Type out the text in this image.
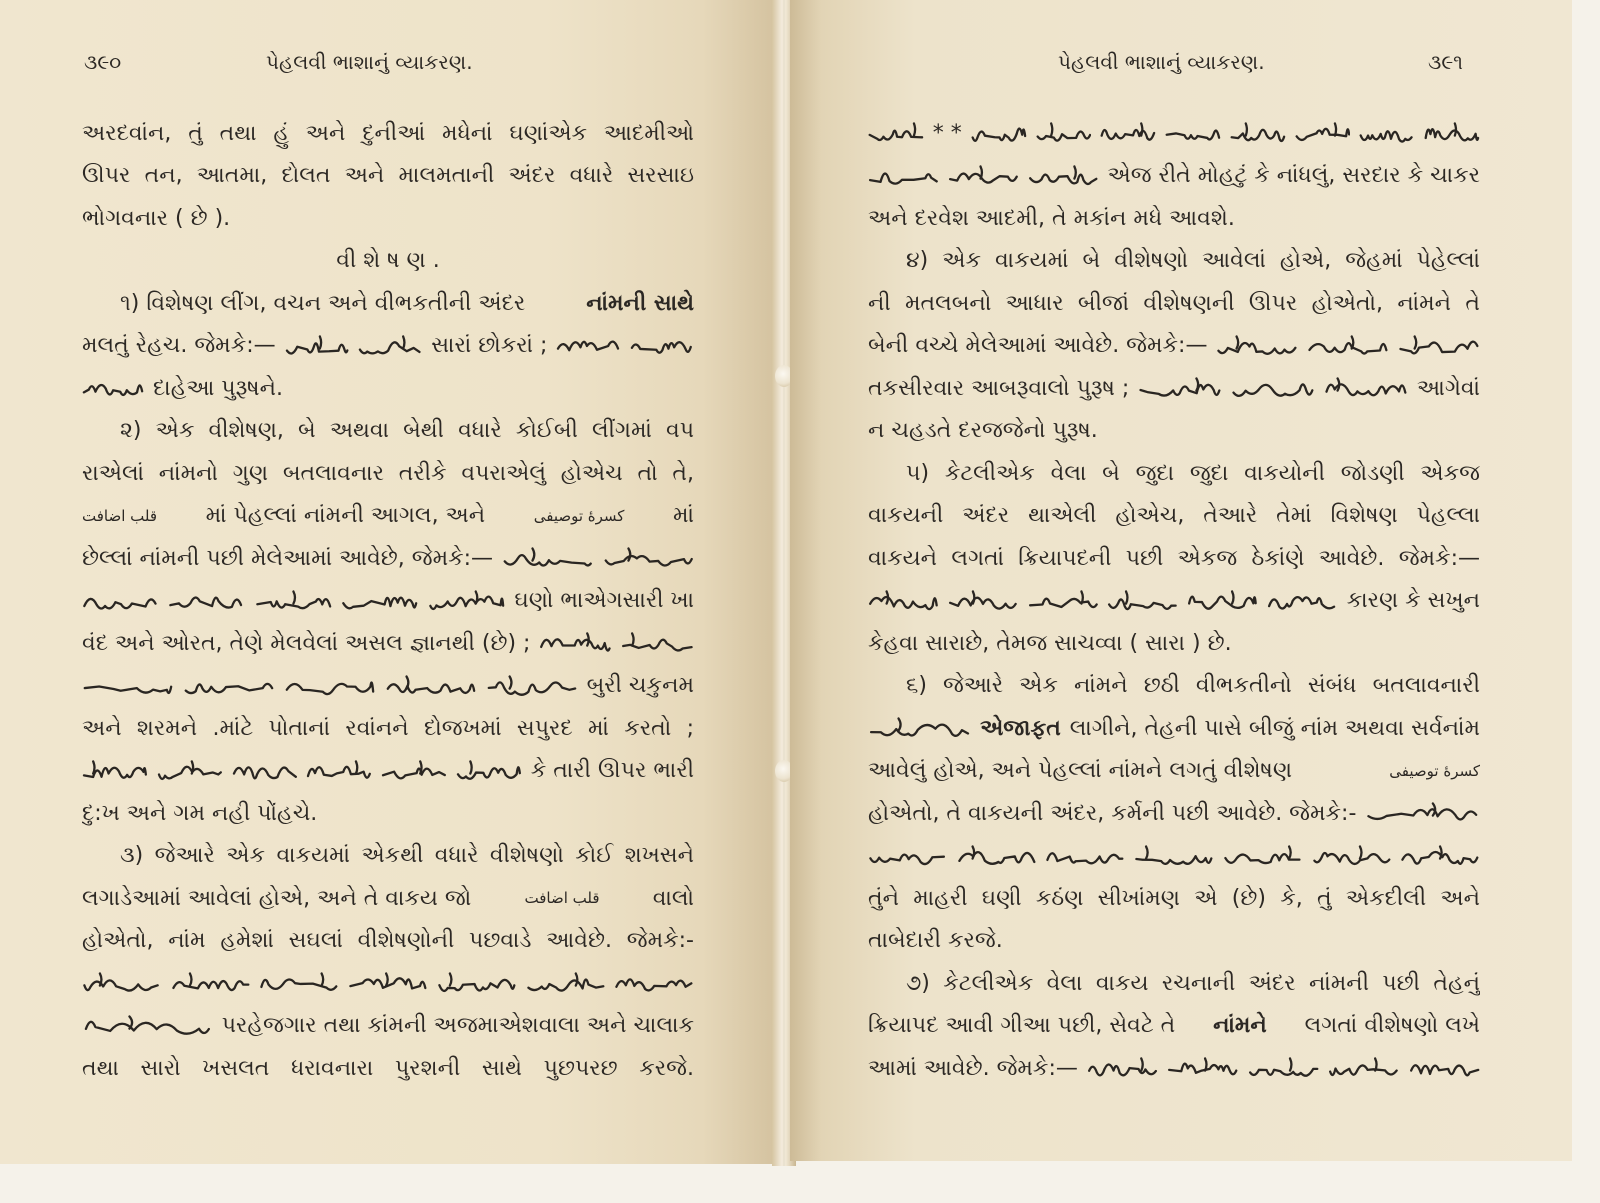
૩૯૦	પેહલવી ભાશાનું વ્યાકરણ.
અરદવાંન, તું તથા હું અને દુનીઆં મધેનાં ઘણાંએક આદમીઓ
ઊપર તન, આતમા, દોલત અને માલમતાની અંદર વધારે સરસાઇ
ભોગવનાર ( છે ).
વી શે ષ ણ .
૧) વિશેષણ લીંગ, વચન અને વીભકતીની અંદર	નાંમની સાથે
મલતું રેહચ. જેમકે:—	સારાં છોકરાં ;
દાહેઆ પુરૂષને.
૨) એક વીશેષણ, બે અથવા બેથી વધારે કોઈબી લીંગમાં વપ
રાએલાં નાંમનો ગુણ બતલાવનાર તરીકે વપરાએલું હોએચ તો તે,
قلب اضافت માં પેહલ્લાં નાંમની આગલ, અને	کسرهٔ توصیفی માં
છેલ્લાં નાંમની પછી મેલેઆમાં આવેછે, જેમકે:—
ઘણો ભાએગસારી ખા
વંદ અને ઓરત, તેણે મેલવેલાં અસલ જ્ઞાનથી (છે) ;
બુરી ચકુનમ
અને શરમને .માંટે પોતાનાં રવાંનને દોજખમાં સપુરદ માં કરતો ;
કે તારી ઊપર ભારી
દુ:ખ અને ગમ નહી પોંહચે.
૩) જેઆરે એક વાકયમાં એકથી વધારે વીશેષણો કોઈ શખસને
લગાડેઆમાં આવેલાં હોએ, અને તે વાકય જો	قلب اضافت વાલો
હોએતો, નાંમ હમેશાં સઘલાં વીશેષણોની પછવાડે આવેછે. જેમકે:-
પરહેજગાર તથા કાંમની અજમાએશવાલા અને ચાલાક
તથા સારો ખસલત ધરાવનારા પુરશની સાથે પુછપરછ કરજે.
પેહલવી ભાશાનું વ્યાકરણ.	૩૯૧
* *
એજ રીતે મોહટું કે નાંધલું, સરદાર કે ચાકર
અને દરવેશ આદમી, તે મકાંન મધે આવશે.
૪) એક વાકયમાં બે વીશેષણો આવેલાં હોએ, જેહમાં પેહેલ્લાં
ની મતલબનો આધાર બીજાં વીશેષણની ઊપર હોએતો, નાંમને તે
બેની વચ્ચે મેલેઆમાં આવેછે. જેમકે:—
તકસીરવાર આબરૂવાલો પુરૂષ ;	આગેવાં
ન ચહડતે દરજજેનો પુરૂષ.
૫) કેટલીએક વેલા બે જુદા જુદા વાકયોની જોડણી એકજ
વાકયની અંદર થાએલી હોએચ, તેઆરે તેમાં વિશેષણ પેહલ્લા
વાકયને લગતાં ક્રિયાપદની પછી એકજ ઠેકાંણે આવેછે. જેમકે:—
કારણ કે સખુન
કેહવા સારાછે, તેમજ સાચવ્વા ( સારા ) છે.
૬) જેઆરે એક નાંમને છઠી વીભકતીનો સંબંધ બતલાવનારી
એજાફત લાગીને, તેહની પાસે બીજું નાંમ અથવા સર્વનાંમ
આવેલું હોએ, અને પેહલ્લાં નાંમને લગતું વીશેષણ	کسرهٔ توصیفی
હોએતો, તે વાકયની અંદર, કર્મની પછી આવેછે. જેમકે:-
તુંને માહરી ઘણી કઠંણ સીખાંમણ એ (છે) કે, તું એકદીલી અને
તાબેદારી કરજે.
૭) કેટલીએક વેલા વાકય રચનાની અંદર નાંમની પછી તેહનું
ક્રિયાપદ આવી ગીઆ પછી, સેવટે તે નાંમને લગતાં વીશેષણો લખે
આમાં આવેછે. જેમકે:—
